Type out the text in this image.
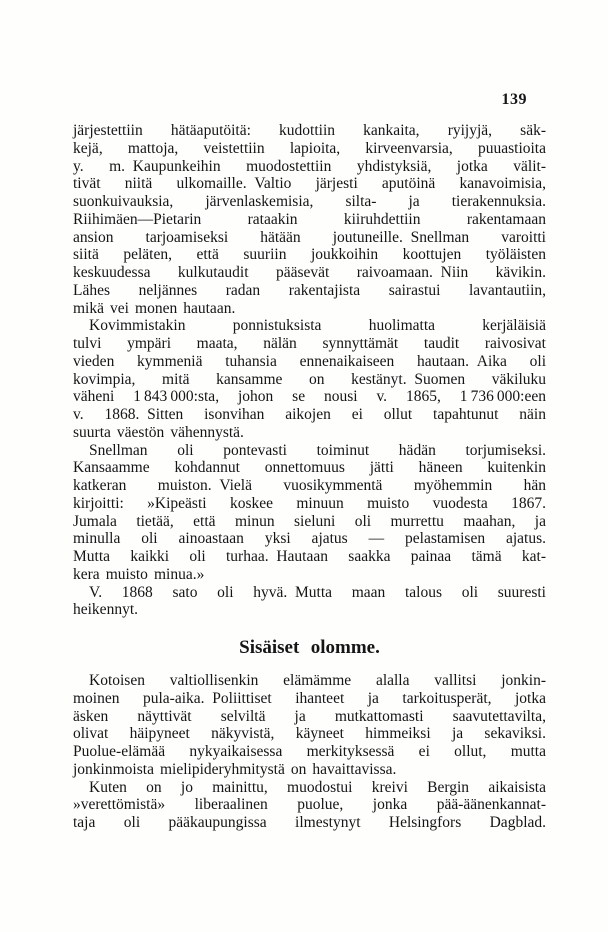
139
järjestettiin hätäaputöitä: kudottiin kankaita, ryijyjä, säk-
kejä, mattoja, veistettiin lapioita, kirveenvarsia, puuastioita
y. m. Kaupunkeihin muodostettiin yhdistyksiä, jotka välit-
tivät niitä ulkomaille. Valtio järjesti aputöinä kanavoimisia,
suonkuivauksia, järvenlaskemisia, silta- ja tierakennuksia.
Riihimäen—Pietarin rataakin kiiruhdettiin rakentamaan
ansion tarjoamiseksi hätään joutuneille. Snellman varoitti
siitä peläten, että suuriin joukkoihin koottujen työläisten
keskuudessa kulkutaudit pääsevät raivoamaan. Niin kävikin.
Lähes neljännes radan rakentajista sairastui lavantautiin,
mikä vei monen hautaan.
Kovimmistakin ponnistuksista huolimatta kerjäläisiä
tulvi ympäri maata, nälän synnyttämät taudit raivosivat
vieden kymmeniä tuhansia ennenaikaiseen hautaan. Aika oli
kovimpia, mitä kansamme on kestänyt. Suomen väkiluku
väheni 1 843 000:sta, johon se nousi v. 1865, 1 736 000:een
v. 1868. Sitten isonvihan aikojen ei ollut tapahtunut näin
suurta väestön vähennystä.
Snellman oli pontevasti toiminut hädän torjumiseksi.
Kansaamme kohdannut onnettomuus jätti häneen kuitenkin
katkeran muiston. Vielä vuosikymmentä myöhemmin hän
kirjoitti: »Kipeästi koskee minuun muisto vuodesta 1867.
Jumala tietää, että minun sieluni oli murrettu maahan, ja
minulla oli ainoastaan yksi ajatus — pelastamisen ajatus.
Mutta kaikki oli turhaa. Hautaan saakka painaa tämä kat-
kera muisto minua.»
V. 1868 sato oli hyvä. Mutta maan talous oli suuresti
heikennyt.
Sisäiset olomme.
Kotoisen valtiollisenkin elämämme alalla vallitsi jonkin-
moinen pula-aika. Poliittiset ihanteet ja tarkoitusperät, jotka
äsken näyttivät selviltä ja mutkattomasti saavutettavilta,
olivat häipyneet näkyvistä, käyneet himmeiksi ja sekaviksi.
Puolue-elämää nykyaikaisessa merkityksessä ei ollut, mutta
jonkinmoista mielipideryhmitystä on havaittavissa.
Kuten on jo mainittu, muodostui kreivi Bergin aikaisista
»verettömistä» liberaalinen puolue, jonka pää-äänenkannat-
taja oli pääkaupungissa ilmestynyt Helsingfors Dagblad.
